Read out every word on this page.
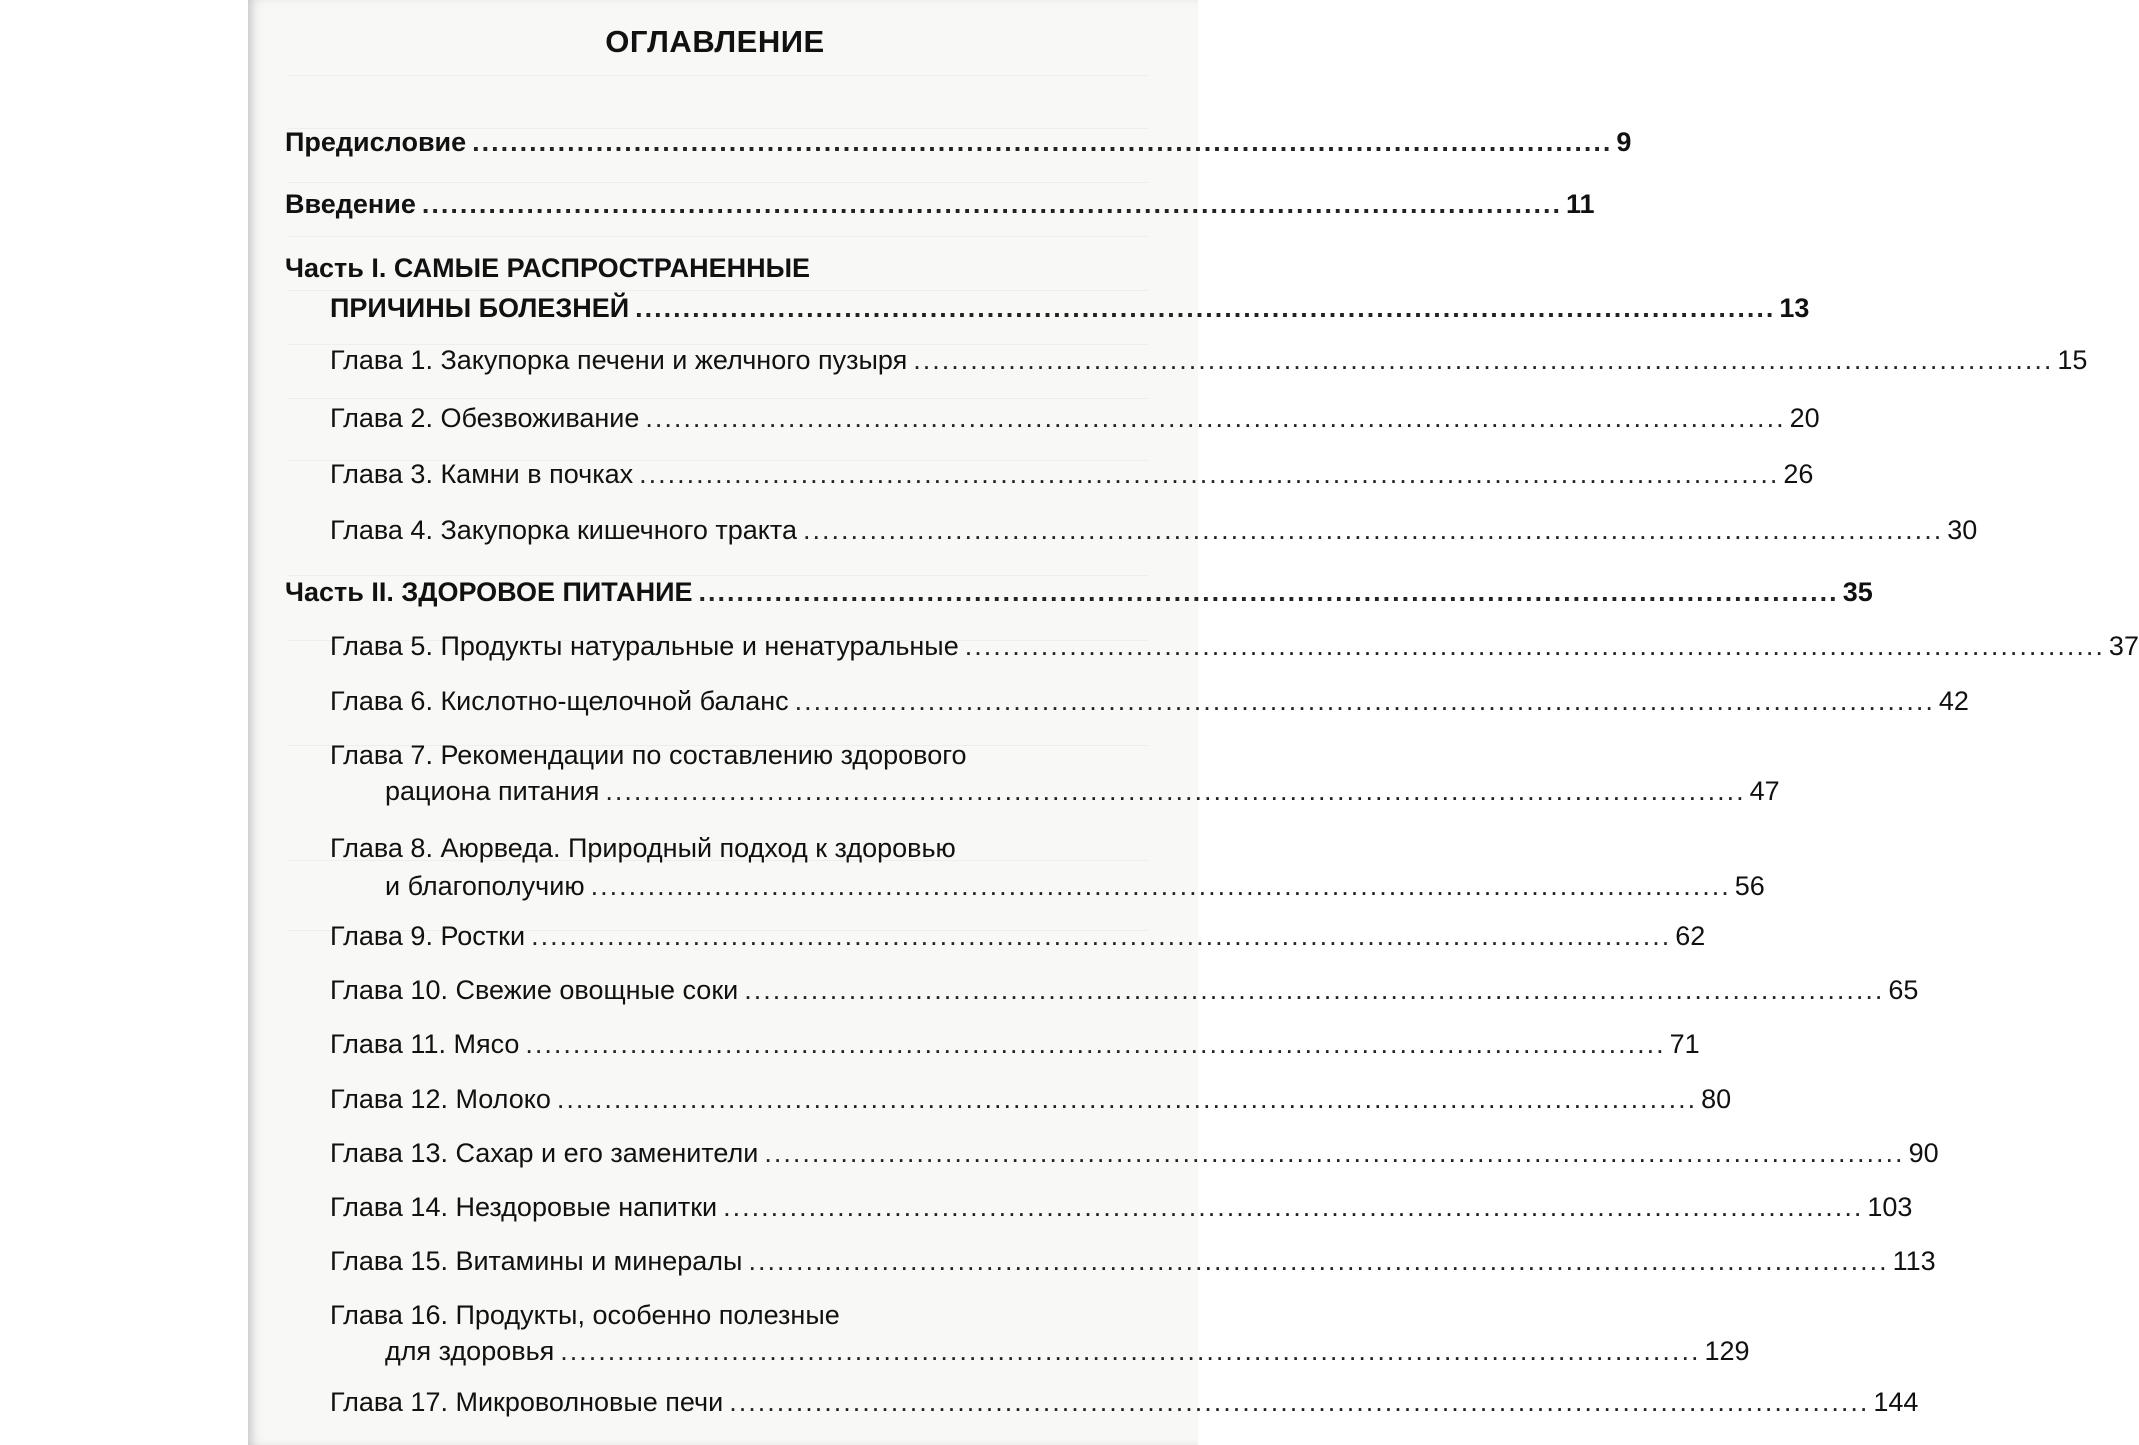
ОГЛАВЛЕНИЕ
Предисловие ........................................................................................................................ 9
Введение ........................................................................................................................ 11
Часть I. САМЫЕ РАСПРОСТРАНЕННЫЕ
ПРИЧИНЫ БОЛЕЗНЕЙ ........................................................................................................................ 13
Глава 1. Закупорка печени и желчного пузыря ........................................................................................................................ 15
Глава 2. Обезвоживание ........................................................................................................................ 20
Глава 3. Камни в почках ........................................................................................................................ 26
Глава 4. Закупорка кишечного тракта ........................................................................................................................ 30
Часть II. ЗДОРОВОЕ ПИТАНИЕ ........................................................................................................................ 35
Глава 5. Продукты натуральные и ненатуральные ........................................................................................................................ 37
Глава 6. Кислотно-щелочной баланс ........................................................................................................................ 42
Глава 7. Рекомендации по составлению здорового
рациона питания ........................................................................................................................ 47
Глава 8. Аюрведа. Природный подход к здоровью
и благополучию ........................................................................................................................ 56
Глава 9. Ростки ........................................................................................................................ 62
Глава 10. Свежие овощные соки ........................................................................................................................ 65
Глава 11. Мясо ........................................................................................................................ 71
Глава 12. Молоко ........................................................................................................................ 80
Глава 13. Сахар и его заменители ........................................................................................................................ 90
Глава 14. Нездоровые напитки ........................................................................................................................ 103
Глава 15. Витамины и минералы ........................................................................................................................ 113
Глава 16. Продукты, особенно полезные
для здоровья ........................................................................................................................ 129
Глава 17. Микроволновые печи ........................................................................................................................ 144
